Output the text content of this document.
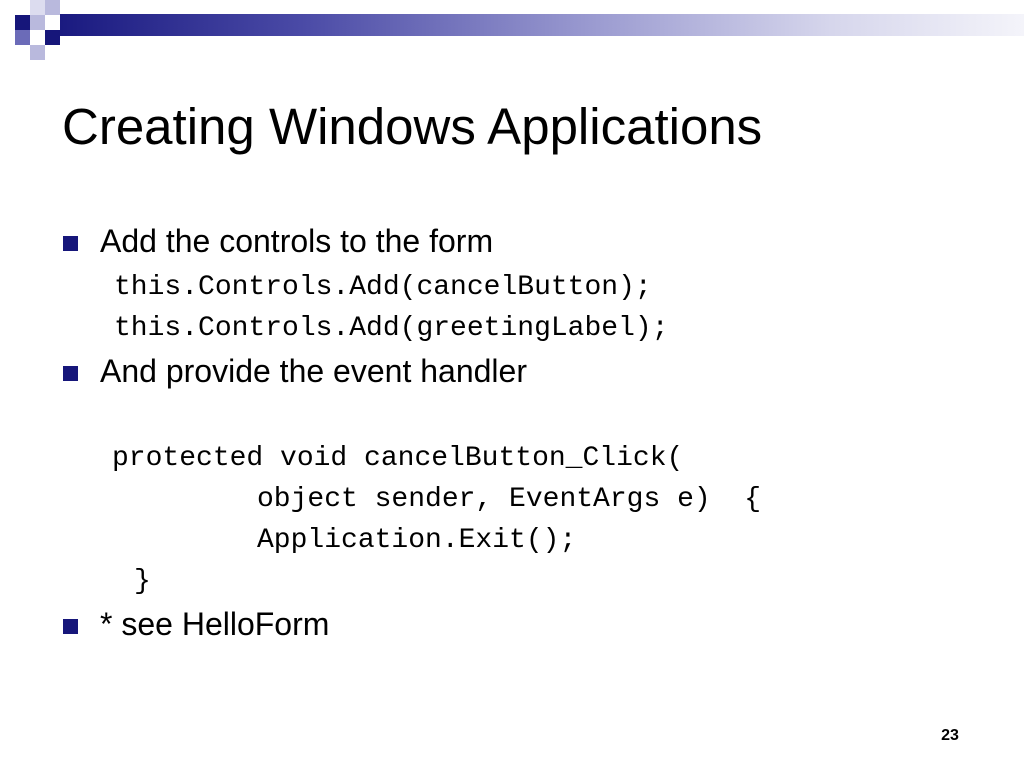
Creating Windows Applications
Add the controls to the form
this.Controls.Add(cancelButton);
this.Controls.Add(greetingLabel);
And provide the event handler
protected void cancelButton_Click(
object sender, EventArgs e)  {
Application.Exit();
}
* see HelloForm
23
